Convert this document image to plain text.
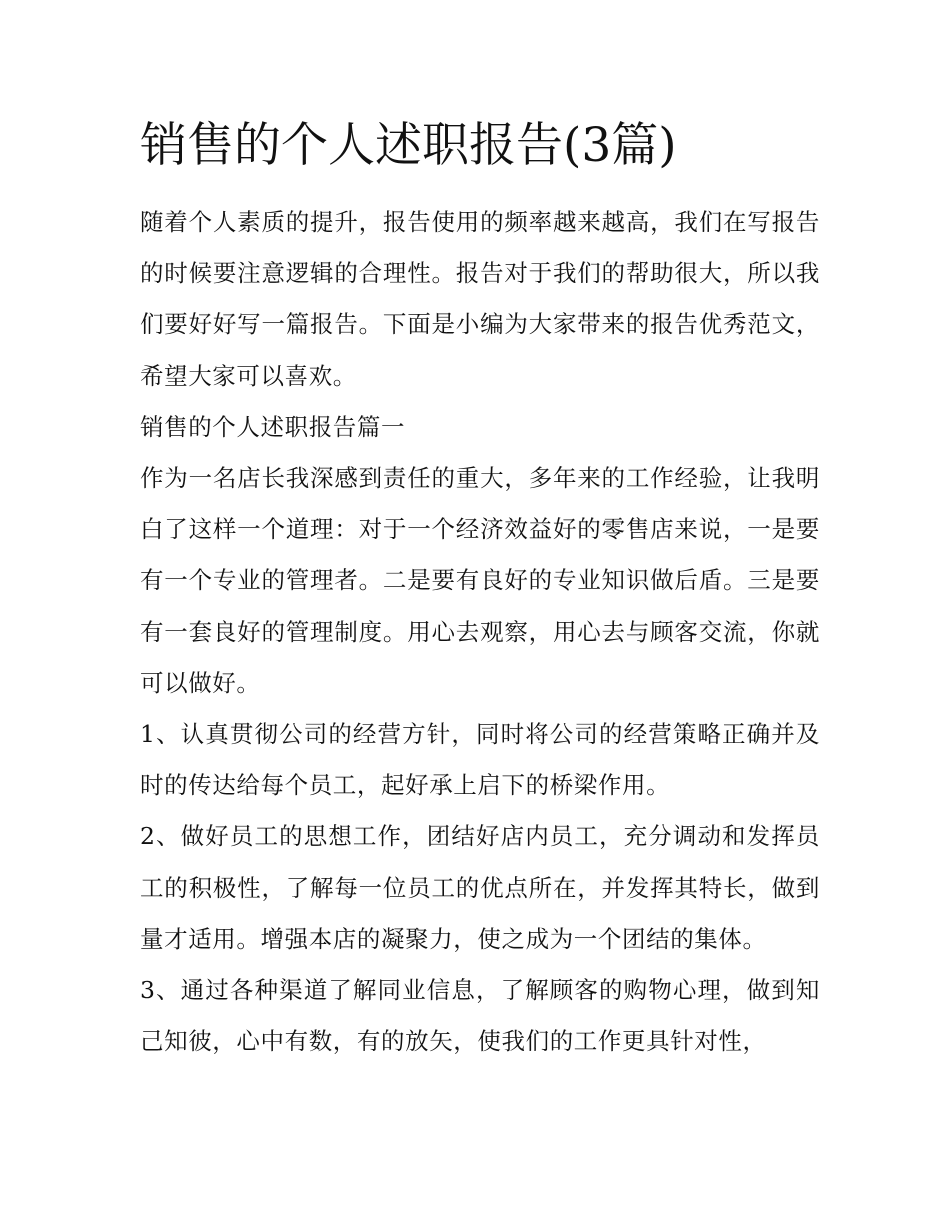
销售的个人述职报告(3篇)

随着个人素质的提升，报告使用的频率越来越高，我们在写报告的时候要注意逻辑的合理性。报告对于我们的帮助很大，所以我们要好好写一篇报告。下面是小编为大家带来的报告优秀范文，希望大家可以喜欢。

销售的个人述职报告篇一

作为一名店长我深感到责任的重大，多年来的工作经验，让我明白了这样一个道理：对于一个经济效益好的零售店来说，一是要有一个专业的管理者。二是要有良好的专业知识做后盾。三是要有一套良好的管理制度。用心去观察，用心去与顾客交流，你就可以做好。

1、认真贯彻公司的经营方针，同时将公司的经营策略正确并及时的传达给每个员工，起好承上启下的桥梁作用。

2、做好员工的思想工作，团结好店内员工，充分调动和发挥员工的积极性，了解每一位员工的优点所在，并发挥其特长，做到量才适用。增强本店的凝聚力，使之成为一个团结的集体。

3、通过各种渠道了解同业信息，了解顾客的购物心理，做到知己知彼，心中有数，有的放矢，使我们的工作更具针对性，
